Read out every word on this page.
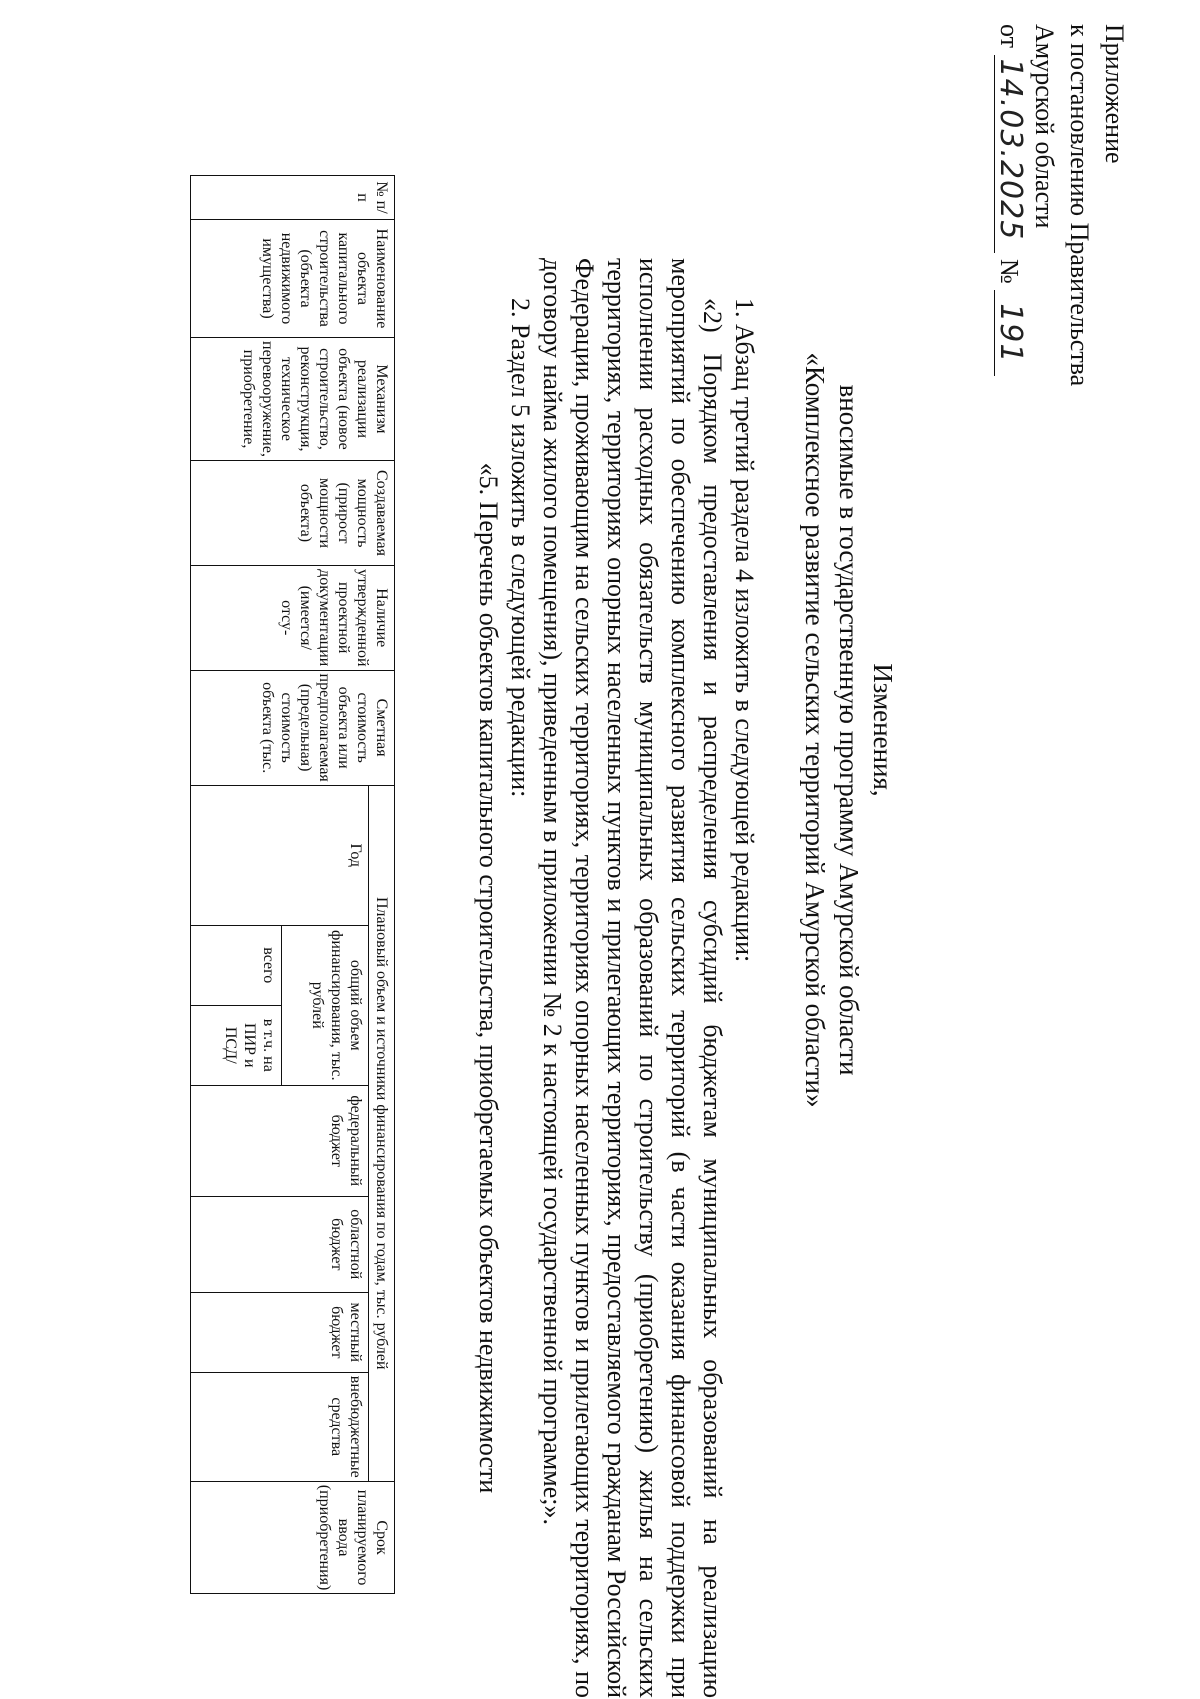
Приложение
к постановлению Правительства
Амурской области
от 14.03.2025 № 191
Изменения,
вносимые в государственную программу Амурской области
«Комплексное развитие сельских территорий Амурской области»

1. Абзац третий раздела 4 изложить в следующей редакции:

«2) Порядком предоставления и распределения субсидий бюджетам муниципальных образований на реализацию мероприятий по обеспечению комплексного развития сельских территорий (в части оказания финансовой поддержки при исполнении расходных обязательств муниципальных образований по строительству (приобретению) жилья на сельских территориях, территориях опорных населенных пунктов и прилегающих территориях, предоставляемого гражданам Российской Федерации, проживающим на сельских территориях, территориях опорных населенных пунктов и прилегающих территориях, по договору найма жилого помещения), приведенным в приложении № 2 к настоящей государственной программе;».

2. Раздел 5 изложить в следующей редакции:

«5. Перечень объектов капитального строительства, приобретаемых объектов недвижимости

№ п/п	Наименование объекта капитального строительства (объекта недвижимого имущества)	Механизм реализации объекта (новое строительство, реконструкция, техническое перевооружение, приобретение,	Создаваемая мощность (прирост мощности объекта)	Наличие утвержденной проектной документации (имеется/отсу-	Сметная стоимость объекта или предполагаемая (предельная) стоимость объекта (тыс.	Плановый объем и источники финансирования по годам, тыс. рублей							Срок планируемого ввода (приобретения)

						Год	общий объем финансирования, тыс. рублей		федеральный бюджет	областной бюджет	местный бюджет	внебюджетные средства	

							всего	в т.ч. на ПИР и ПСД/					
